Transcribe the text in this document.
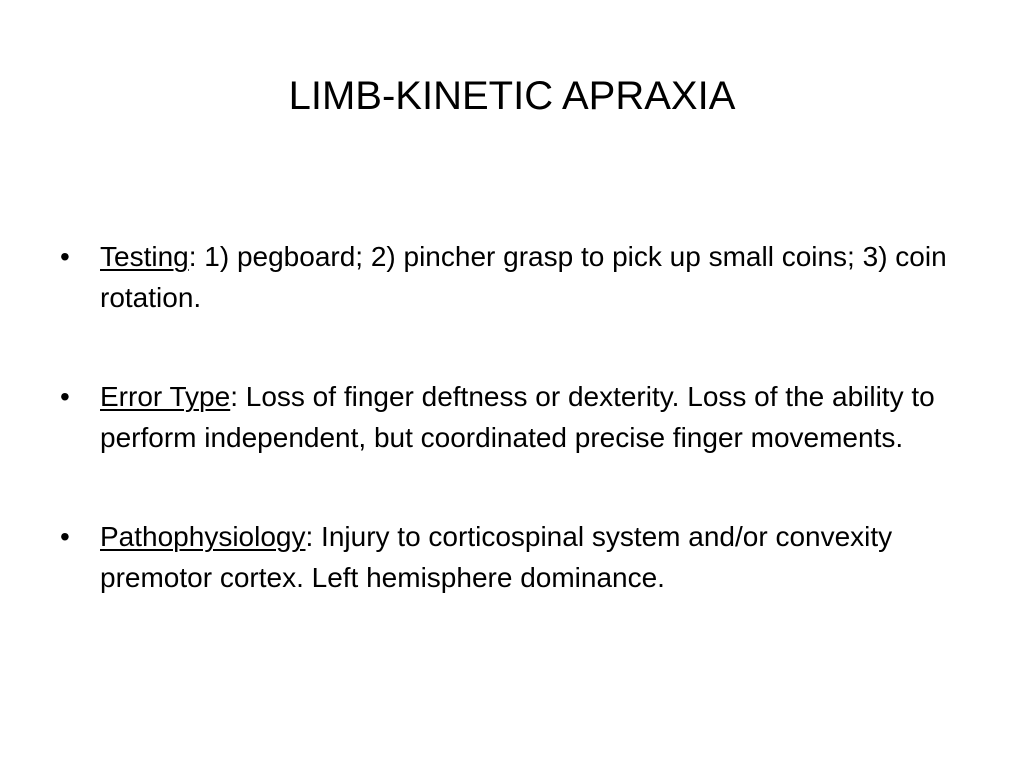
LIMB-KINETIC APRAXIA
•	Testing: 1) pegboard; 2) pincher grasp to pick up small coins; 3) coin rotation.
•	Error Type: Loss of finger deftness or dexterity. Loss of the ability to perform independent, but coordinated precise finger movements.
•	Pathophysiology: Injury to corticospinal system and/or convexity premotor cortex. Left hemisphere dominance.
